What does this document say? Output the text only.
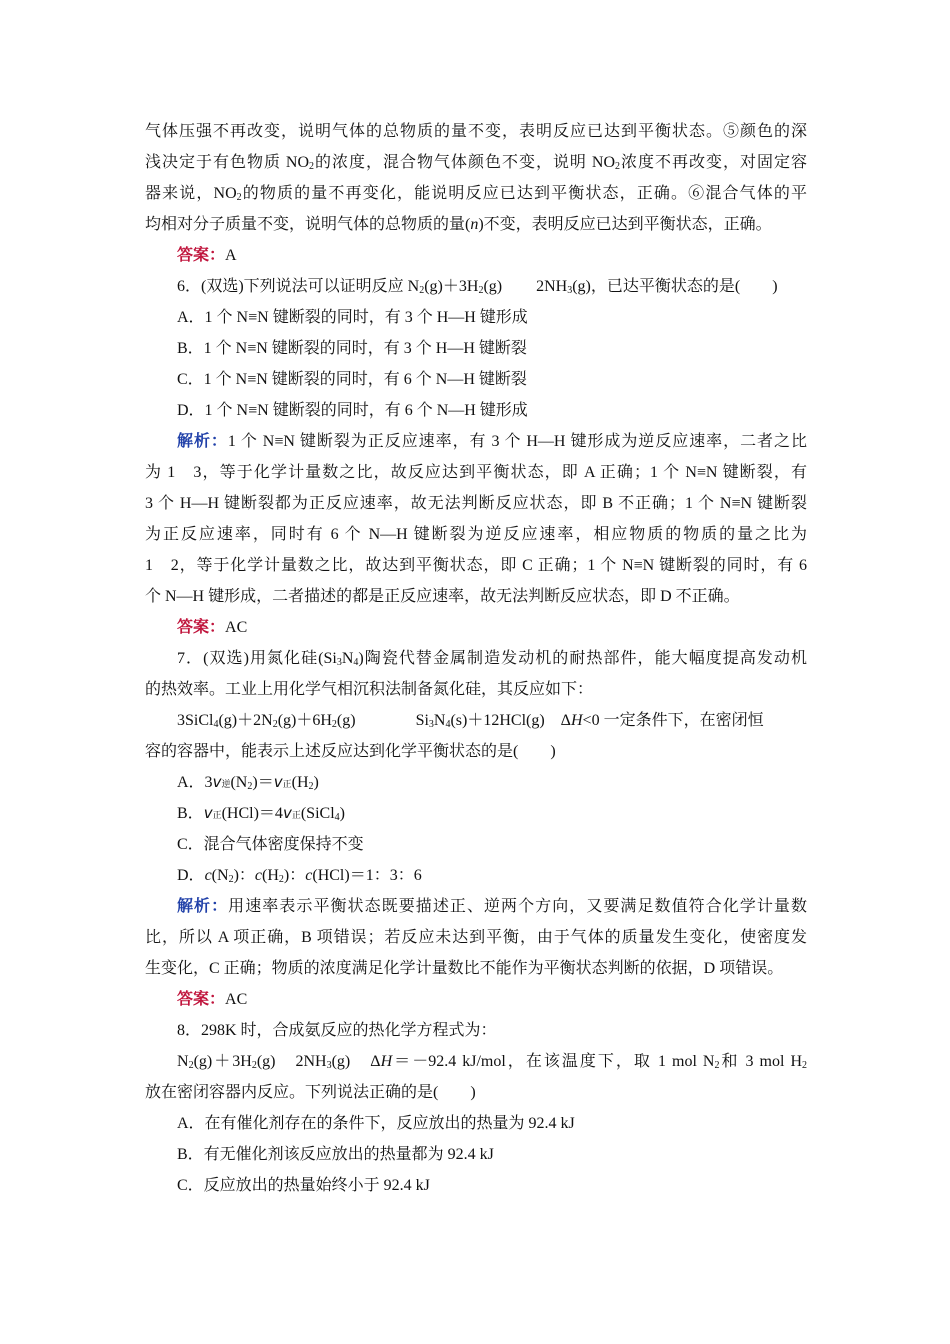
气体压强不再改变，说明气体的总物质的量不变，表明反应已达到平衡状态。⑤颜色的深
浅决定于有色物质 $NO_2$的浓度，混合物气体颜色不变，说明 $NO_2$浓度不再改变，对固定容
器来说，$NO_2$的物质的量不再变化，能说明反应已达到平衡状态，正确。⑥混合气体的平
均相对分子质量不变，说明气体的总物质的量(n)不变，表明反应已达到平衡状态，正确。
答案：A
6．(双选)下列说法可以证明反应 $N_2(g)+3H_2(g)$ $2NH_3(g)$，已达平衡状态的是(　　)
A．1 个 N≡N 键断裂的同时，有 3 个 H—H 键形成
B．1 个 N≡N 键断裂的同时，有 3 个 H—H 键断裂
C．1 个 N≡N 键断裂的同时，有 6 个 N—H 键断裂
D．1 个 N≡N 键断裂的同时，有 6 个 N—H 键形成
解析：1 个 N≡N 键断裂为正反应速率，有 3 个 H—H 键形成为逆反应速率，二者之比
为 1　3，等于化学计量数之比，故反应达到平衡状态，即 A 正确；1 个 N≡N 键断裂，有
3 个 H—H 键断裂都为正反应速率，故无法判断反应状态，即 B 不正确；1 个 N≡N 键断裂
为正反应速率，同时有 6 个 N—H 键断裂为逆反应速率，相应物质的物质的量之比为
1　2，等于化学计量数之比，故达到平衡状态，即 C 正确；1 个 N≡N 键断裂的同时，有 6
个 N—H 键形成，二者描述的都是正反应速率，故无法判断反应状态，即 D 不正确。
答案：AC
7．(双选)用氮化硅$(Si_3N_4)$陶瓷代替金属制造发动机的耐热部件，能大幅度提高发动机
的热效率。工业上用化学气相沉积法制备氮化硅，其反应如下：
$3SiCl_4(g)+2N_2(g)+6H_2(g)$	$Si_3N_4(s)+12HCl(g)$　ΔH<0 一定条件下，在密闭恒
容的容器中，能表示上述反应达到化学平衡状态的是(　　)
A．3v逆$(N_2)=v$正$(H_2)$
B．v正(HCl)＝4v正(SiCl$_4$)
C．混合气体密度保持不变
D．$c(N_2)$：$c(H_2)$：c(HCl)＝1：3：6
解析：用速率表示平衡状态既要描述正、逆两个方向，又要满足数值符合化学计量数
比，所以 A 项正确，B 项错误；若反应未达到平衡，由于气体的质量发生变化，使密度发
生变化，C 正确；物质的浓度满足化学计量数比不能作为平衡状态判断的依据，D 项错误。
答案：AC
8．298K 时，合成氨反应的热化学方程式为：
$N_2(g)+3H_2(g)$ $2NH_3(g)$　ΔH＝－92.4 kJ/mol，在该温度下，取 1 mol $N_2$和 3 mol $H_2$
放在密闭容器内反应。下列说法正确的是(　　)
A．在有催化剂存在的条件下，反应放出的热量为 92.4 kJ
B．有无催化剂该反应放出的热量都为 92.4 kJ
C．反应放出的热量始终小于 92.4 kJ
